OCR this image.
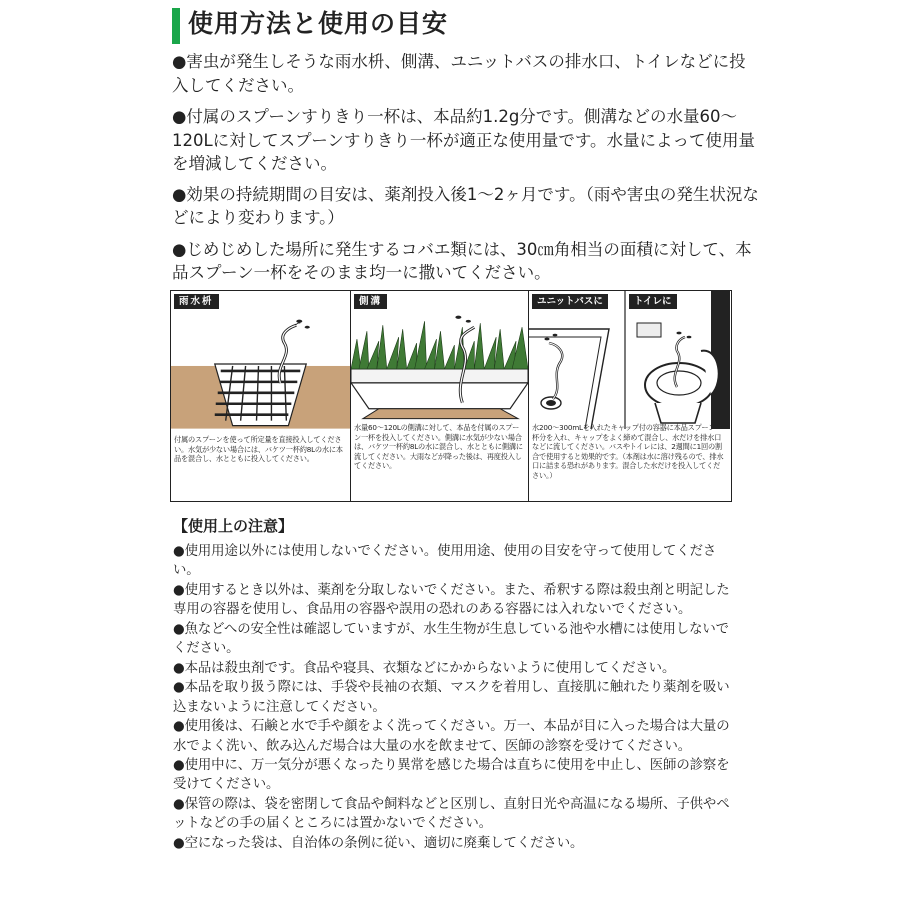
使用方法と使用の目安

●害虫が発生しそうな雨水枡、側溝、ユニットバスの排水口、トイレなどに投入してください。

●付属のスプーンすりきり一杯は、本品約1.2g分です。側溝などの水量60～120Lに対してスプーンすりきり一杯が適正な使用量です。水量によって使用量を増減してください。

●効果の持続期間の目安は、薬剤投入後1～2ヶ月です。（雨や害虫の発生状況などにより変わります。）

●じめじめした場所に発生するコバエ類には、30㎝角相当の面積に対して、本品スプーン一杯をそのまま均一に撒いてください。

雨水枡
付属のスプーンを使って所定量を直接投入してください。水気が少ない場合には、バケツ一杯約8Lの水に本品を混合し、水とともに投入してください。
側溝
水量60～120Lの側溝に対して、本品を付属のスプーン一杯を投入してください。側溝に水気が少ない場合は、バケツ一杯約8Lの水に混合し、水とともに側溝に流してください。大雨などが降った後は、再度投入してください。
ユニットバスに	トイレに
水200～300mLを入れたキャップ付の容器に本品スプーン一杯分を入れ、キャップをよく締めて混合し、水だけを排水口などに流してください。バスやトイレには、2週間に1回の割合で使用すると効果的です。（本剤は水に溶け残るので、排水口に詰まる恐れがあります。混合した水だけを投入してください。）
【使用上の注意】

●使用用途以外には使用しないでください。使用用途、使用の目安を守って使用してください。

●使用するとき以外は、薬剤を分取しないでください。また、希釈する際は殺虫剤と明記した専用の容器を使用し、食品用の容器や誤用の恐れのある容器には入れないでください。

●魚などへの安全性は確認していますが、水生生物が生息している池や水槽には使用しないでください。

●本品は殺虫剤です。食品や寝具、衣類などにかからないように使用してください。

●本品を取り扱う際には、手袋や長袖の衣類、マスクを着用し、直接肌に触れたり薬剤を吸い込まないように注意してください。

●使用後は、石鹸と水で手や顔をよく洗ってください。万一、本品が目に入った場合は大量の水でよく洗い、飲み込んだ場合は大量の水を飲ませて、医師の診察を受けてください。

●使用中に、万一気分が悪くなったり異常を感じた場合は直ちに使用を中止し、医師の診察を受けてください。

●保管の際は、袋を密閉して食品や飼料などと区別し、直射日光や高温になる場所、子供やペットなどの手の届くところには置かないでください。

●空になった袋は、自治体の条例に従い、適切に廃棄してください。
